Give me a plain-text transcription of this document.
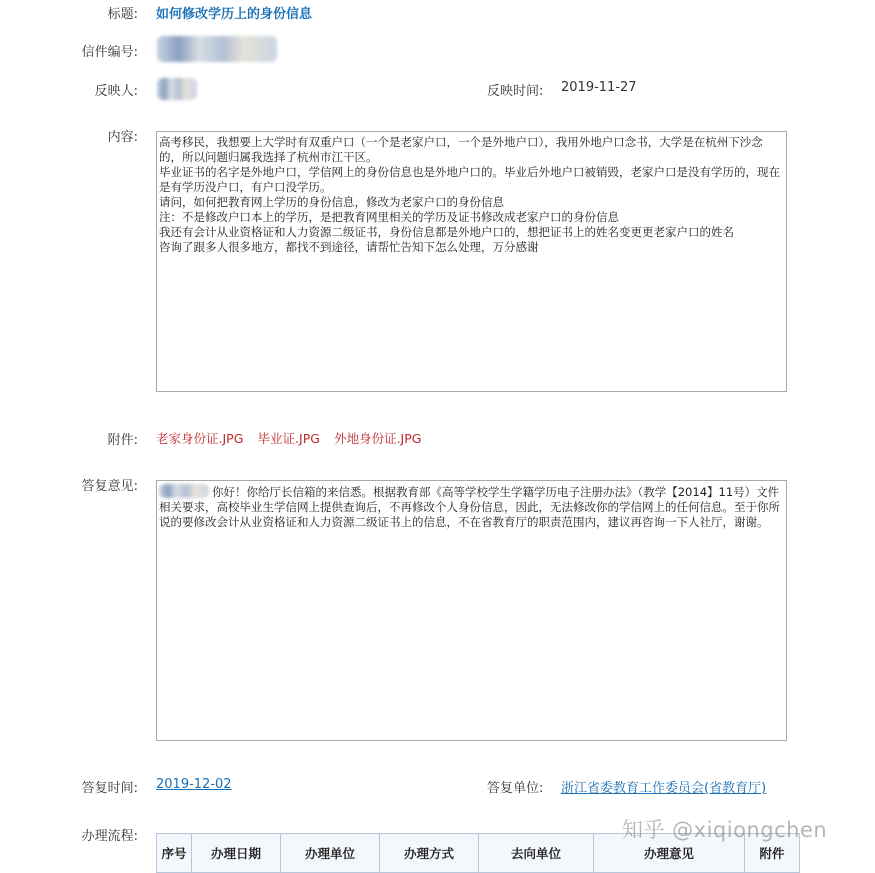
标题: 如何修改学历上的身份信息
信件编号:
反映人:	反映时间: 2019-11-27
内容: 高考移民，我想要上大学时有双重户口（一个是老家户口，一个是外地户口），我用外地户口念书，大学是在杭州下沙念的，所以问题归属我选择了杭州市江干区。

毕业证书的名字是外地户口，学信网上的身份信息也是外地户口的。毕业后外地户口被销毁，老家户口是没有学历的，现在是有学历没户口，有户口没学历。

请问，如何把教育网上学历的身份信息，修改为老家户口的身份信息

注：不是修改户口本上的学历，是把教育网里相关的学历及证书修改成老家户口的身份信息

我还有会计从业资格证和人力资源二级证书，身份信息都是外地户口的，想把证书上的姓名变更更老家户口的姓名

咨询了跟多人很多地方，都找不到途径，请帮忙告知下怎么处理，万分感谢

附件: 老家身份证.JPG 毕业证.JPG 外地身份证.JPG
答复意见:	你好！你给厅长信箱的来信悉。根据教育部《高等学校学生学籍学历电子注册办法》（教学【2014】11号）文件相关要求，高校毕业生学信网上提供查询后，不再修改个人身份信息，因此，无法修改你的学信网上的任何信息。至于你所说的要修改会计从业资格证和人力资源二级证书上的信息，不在省教育厅的职责范围内，建议再咨询一下人社厅，谢谢。
答复时间: 2019-12-02	答复单位: 浙江省委教育工作委员会(省教育厅)
办理流程:
序号	办理日期	办理单位	办理方式	去向单位	办理意见	附件
知乎 @xiqiongchen
